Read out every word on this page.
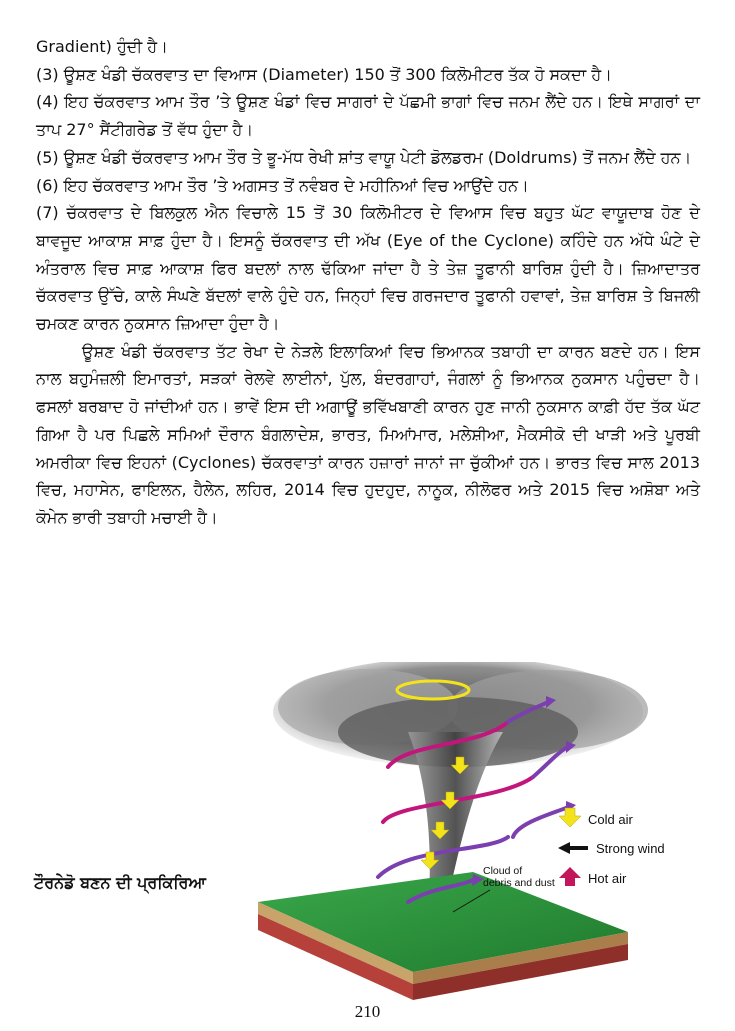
Gradient) ਹੁੰਦੀ ਹੈ।

(3) ਊਸ਼ਣ ਖੰਡੀ ਚੱਕਰਵਾਤ ਦਾ ਵਿਆਸ (Diameter) 150 ਤੋਂ 300 ਕਿਲੋਮੀਟਰ ਤੱਕ ਹੋ ਸਕਦਾ ਹੈ।

(4) ਇਹ ਚੱਕਰਵਾਤ ਆਮ ਤੌਰ ’ਤੇ ਊਸ਼ਣ ਖੰਡਾਂ ਵਿਚ ਸਾਗਰਾਂ ਦੇ ਪੱਛਮੀ ਭਾਗਾਂ ਵਿਚ ਜਨਮ ਲੈਂਦੇ ਹਨ। ਇਥੇ ਸਾਗਰਾਂ ਦਾ ਤਾਪ 27° ਸੈਂਟੀਗਰੇਡ ਤੋਂ ਵੱਧ ਹੁੰਦਾ ਹੈ।

(5) ਊਸ਼ਣ ਖੰਡੀ ਚੱਕਰਵਾਤ ਆਮ ਤੌਰ ਤੇ ਭੂ-ਮੱਧ ਰੇਖੀ ਸ਼ਾਂਤ ਵਾਯੂ ਪੇਟੀ ਡੋਲਡਰਮ (Doldrums) ਤੋਂ ਜਨਮ ਲੈਂਦੇ ਹਨ।

(6) ਇਹ ਚੱਕਰਵਾਤ ਆਮ ਤੌਰ ’ਤੇ ਅਗਸਤ ਤੋਂ ਨਵੰਬਰ ਦੇ ਮਹੀਨਿਆਂ ਵਿਚ ਆਉਂਦੇ ਹਨ।

(7) ਚੱਕਰਵਾਤ ਦੇ ਬਿਲਕੁਲ ਐਨ ਵਿਚਾਲੇ 15 ਤੋਂ 30 ਕਿਲੋਮੀਟਰ ਦੇ ਵਿਆਸ ਵਿਚ ਬਹੁਤ ਘੱਟ ਵਾਯੂਦਾਬ ਹੋਣ ਦੇ ਬਾਵਜੂਦ ਆਕਾਸ਼ ਸਾਫ਼ ਹੁੰਦਾ ਹੈ। ਇਸਨੂੰ ਚੱਕਰਵਾਤ ਦੀ ਅੱਖ (Eye of the Cyclone) ਕਹਿੰਦੇ ਹਨ ਅੱਧੇ ਘੰਟੇ ਦੇ ਅੰਤਰਾਲ ਵਿਚ ਸਾਫ਼ ਆਕਾਸ਼ ਫਿਰ ਬਦਲਾਂ ਨਾਲ ਢੱਕਿਆ ਜਾਂਦਾ ਹੈ ਤੇ ਤੇਜ਼ ਤੂਫਾਨੀ ਬਾਰਿਸ਼ ਹੁੰਦੀ ਹੈ। ਜ਼ਿਆਦਾਤਰ ਚੱਕਰਵਾਤ ਉੱਚੇ, ਕਾਲੇ ਸੰਘਣੇ ਬੱਦਲਾਂ ਵਾਲੇ ਹੁੰਦੇ ਹਨ, ਜਿਨ੍ਹਾਂ ਵਿਚ ਗਰਜਦਾਰ ਤੂਫਾਨੀ ਹਵਾਵਾਂ, ਤੇਜ਼ ਬਾਰਿਸ਼ ਤੇ ਬਿਜਲੀ ਚਮਕਣ ਕਾਰਨ ਨੁਕਸਾਨ ਜ਼ਿਆਦਾ ਹੁੰਦਾ ਹੈ।

ਊਸ਼ਣ ਖੰਡੀ ਚੱਕਰਵਾਤ ਤੱਟ ਰੇਖਾ ਦੇ ਨੇੜਲੇ ਇਲਾਕਿਆਂ ਵਿਚ ਭਿਆਨਕ ਤਬਾਹੀ ਦਾ ਕਾਰਨ ਬਣਦੇ ਹਨ। ਇਸ ਨਾਲ ਬਹੁਮੰਜ਼ਲੀ ਇਮਾਰਤਾਂ, ਸੜਕਾਂ ਰੇਲਵੇ ਲਾਈਨਾਂ, ਪੁੱਲ, ਬੰਦਰਗਾਹਾਂ, ਜੰਗਲਾਂ ਨੂੰ ਭਿਆਨਕ ਨੁਕਸਾਨ ਪਹੁੰਚਦਾ ਹੈ। ਫਸਲਾਂ ਬਰਬਾਦ ਹੋ ਜਾਂਦੀਆਂ ਹਨ। ਭਾਵੇਂ ਇਸ ਦੀ ਅਗਾਊਂ ਭਵਿੱਖਬਾਣੀ ਕਾਰਨ ਹੁਣ ਜਾਨੀ ਨੁਕਸਾਨ ਕਾਫ਼ੀ ਹੱਦ ਤੱਕ ਘੱਟ ਗਿਆ ਹੈ ਪਰ ਪਿਛਲੇ ਸਮਿਆਂ ਦੌਰਾਨ ਬੰਗਲਾਦੇਸ਼, ਭਾਰਤ, ਮਿਆਂਮਾਰ, ਮਲੇਸ਼ੀਆ, ਮੈਕਸੀਕੋ ਦੀ ਖਾੜੀ ਅਤੇ ਪੂਰਬੀ ਅਮਰੀਕਾ ਵਿਚ ਇਹਨਾਂ (Cyclones) ਚੱਕਰਵਾਤਾਂ ਕਾਰਨ ਹਜ਼ਾਰਾਂ ਜਾਨਾਂ ਜਾ ਚੁੱਕੀਆਂ ਹਨ। ਭਾਰਤ ਵਿਚ ਸਾਲ 2013 ਵਿਚ, ਮਹਾਸੇਨ, ਫਾਇਲਨ, ਹੈਲੇਨ, ਲਹਿਰ, 2014 ਵਿਚ ਹੁਦਹੁਦ, ਨਾਨੂਕ, ਨੀਲੋਫਰ ਅਤੇ 2015 ਵਿਚ ਅਸ਼ੋਬਾ ਅਤੇ ਕੋਮੇਨ ਭਾਰੀ ਤਬਾਹੀ ਮਚਾਈ ਹੈ।

ਟੌਰਨੇਡੋ ਬਣਨ ਦੀ ਪ੍ਰਕਿਰਿਆ
Cold air
Strong wind
Hot air
Cloud of
debris and dust
210
